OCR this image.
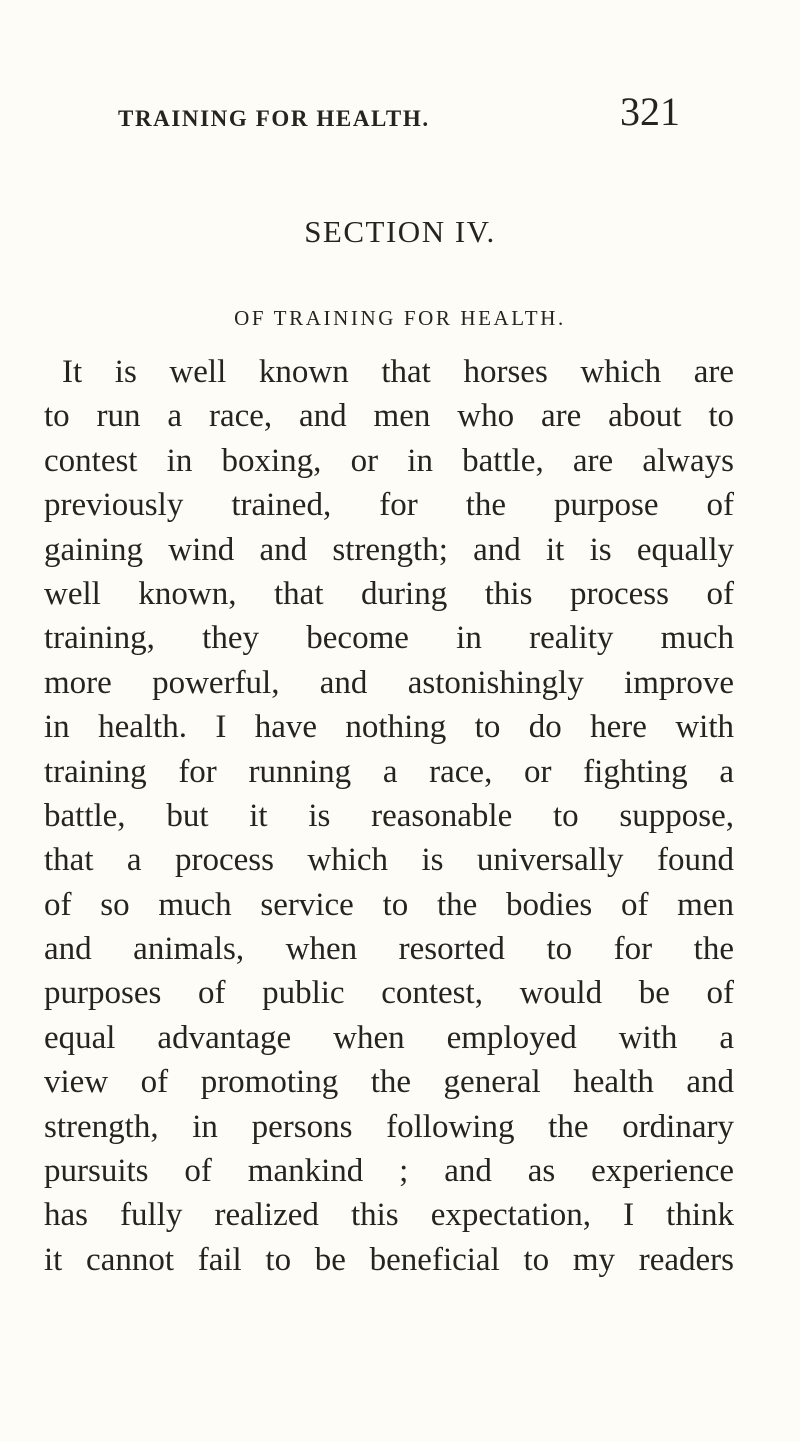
TRAINING FOR HEALTH.	321
SECTION IV.
OF TRAINING FOR HEALTH.
It is well known that horses which are
to run a race, and men who are about to
contest in boxing, or in battle, are always
previously trained, for the purpose of
gaining wind and strength; and it is equally
well known, that during this process of
training, they become in reality much
more powerful, and astonishingly improve
in health. I have nothing to do here with
training for running a race, or fighting a
battle, but it is reasonable to suppose,
that a process which is universally found
of so much service to the bodies of men
and animals, when resorted to for the
purposes of public contest, would be of
equal advantage when employed with a
view of promoting the general health and
strength, in persons following the ordinary
pursuits of mankind ; and as experience
has fully realized this expectation, I think
it cannot fail to be beneficial to my readers
